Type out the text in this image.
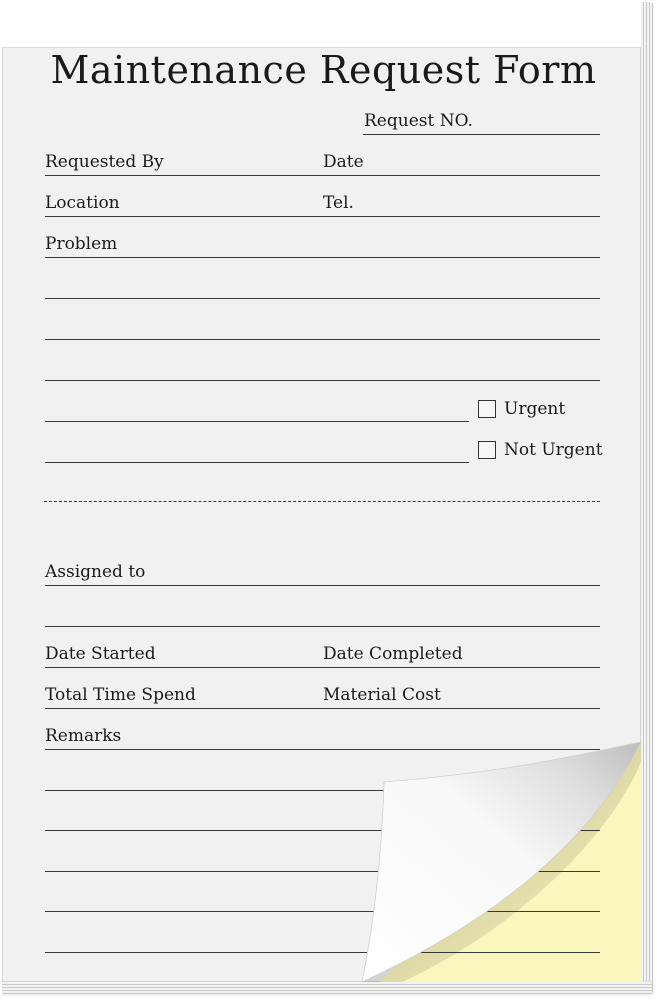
Maintenance Request Form
Request NO.
Requested By	Date
Location	Tel.
Problem
Urgent
Not Urgent
Assigned to
Date Started	Date Completed
Total Time Spend	Material Cost
Remarks
